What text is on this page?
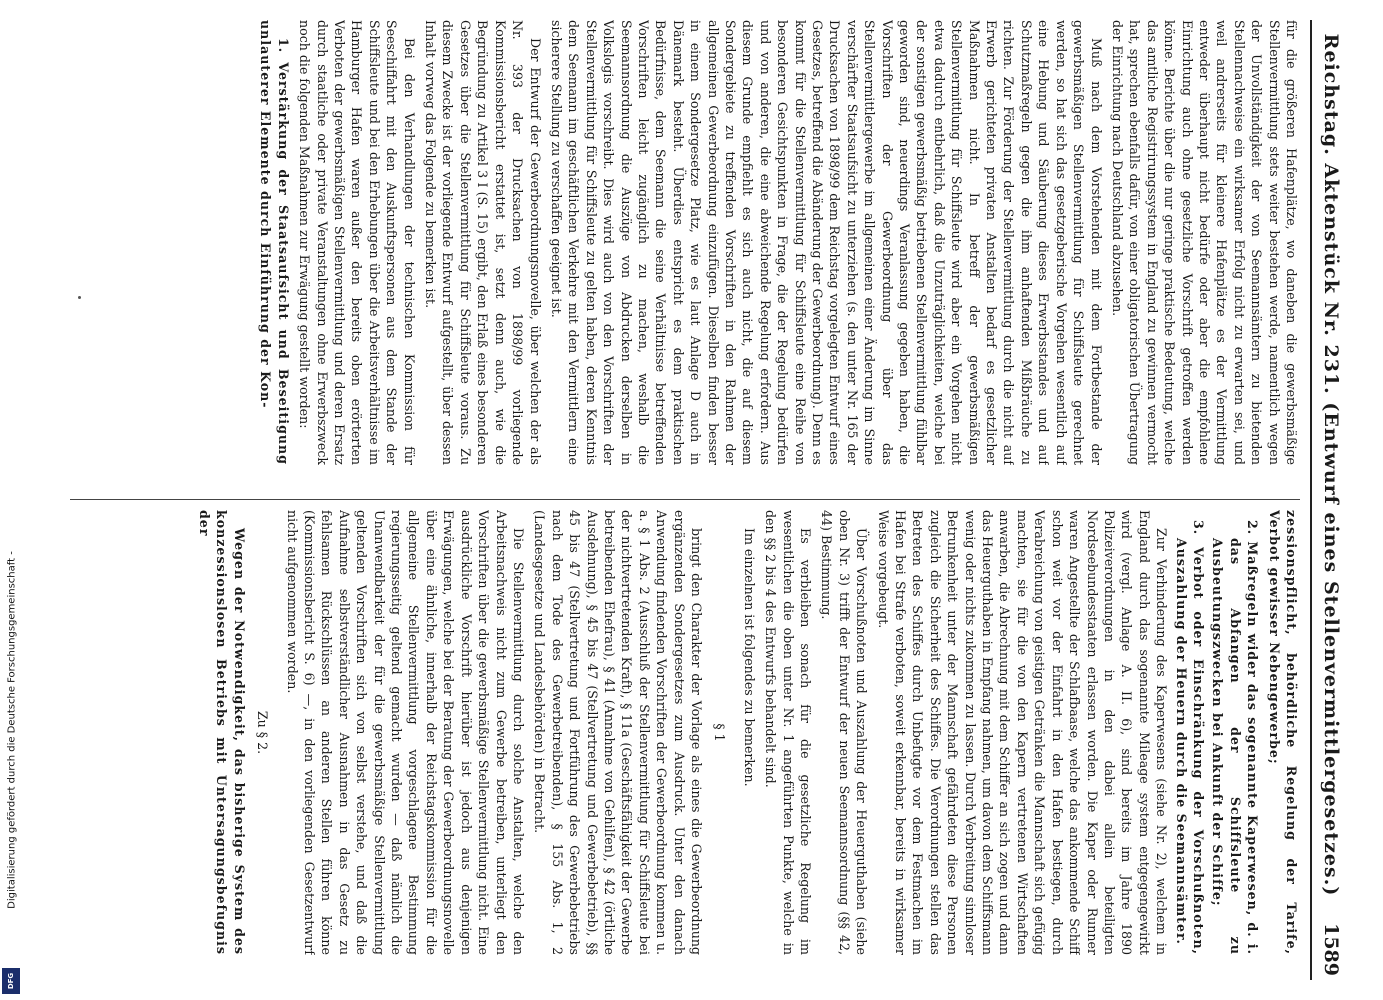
Reichstag. Aktenstück Nr. 231. (Entwurf eines Stellenvermittlergesetzes.)
1589

für die größeren Hafenplätze, wo daneben die gewerbsmäßige Stellenvermittlung stets weiter bestehen werde, namentlich wegen der Unvollständigkeit der von Seemannsämtern zu bietenden Stellennachweise ein wirksamer Erfolg nicht zu erwarten sei, und weil andrerseits für kleinere Hafenplätze es der Vermittlung entweder überhaupt nicht bedürfe oder aber die empfohlene Einrichtung auch ohne gesetzliche Vorschrift getroffen werden könne. Berichte über die nur geringe praktische Bedeutung, welche das amtliche Registrirungssystem in England zu gewinnen vermocht hat, sprechen ebenfalls dafür, von einer obligatorischen Übertragung der Einrichtung nach Deutschland abzusehen.

Muß nach dem Vorstehenden mit dem Fortbestande der gewerbsmäßigen Stellenvermittlung für Schiffsleute gerechnet werden, so hat sich das gesetzgeberische Vorgehen wesentlich auf eine Hebung und Säuberung dieses Erwerbsstandes und auf Schutzmaßregeln gegen die ihm anhaftenden Mißbräuche zu richten. Zur Förderung der Stellenvermittlung durch die nicht auf Erwerb gerichteten privaten Anstalten bedarf es gesetzlicher Maßnahmen nicht. In betreff der gewerbsmäßigen Stellenvermittlung für Schiffsleute wird aber ein Vorgehen nicht etwa dadurch entbehrlich, daß die Unzuträglichkeiten, welche bei der sonstigen gewerbsmäßig betriebenen Stellenvermittlung fühlbar geworden sind, neuerdings Veranlassung gegeben haben, die Vorschriften der Gewerbeordnung über das Stellenvermittlergewerbe im allgemeinen einer Änderung im Sinne verschärfter Staatsaufsicht zu unterziehen (s. den unter Nr. 165 der Drucksachen von 1898/99 dem Reichstag vorgelegten Entwurf eines Gesetzes, betreffend die Abänderung der Gewerbeordnung). Denn es kommt für die Stellenvermittlung für Schiffsleute eine Reihe von besonderen Gesichtspunkten in Frage, die der Regelung bedürfen und von anderen, die eine abweichende Regelung erfordern. Aus diesem Grunde empfiehlt es sich auch nicht, die auf diesem Sondergebiete zu treffenden Vorschriften in den Rahmen der allgemeinen Gewerbeordnung einzufügen. Dieselben finden besser in einem Sondergesetze Platz, wie es laut Anlage D auch in Dänemark besteht. Überdies entspricht es dem praktischen Bedürfnisse, dem Seemann die seine Verhältnisse betreffenden Vorschriften leicht zugänglich zu machen, weshalb die Seemannsordnung die Auszüge von Abdrucken derselben in Volkslogis vorschreibt. Dies wird auch von den Vorschriften der Stellenvermittlung für Schiffsleute zu gelten haben, deren Kenntnis dem Seemann im geschäftlichen Verkehre mit den Vermittlern eine sicherere Stellung zu verschaffen geeignet ist.

Der Entwurf der Gewerbeordnungsnovelle, über welchen der als Nr. 393 der Drucksachen von 1898/99 vorliegende Kommissionsbericht erstattet ist, setzt denn auch, wie die Begründung zu Artikel 3 I (S. 15) ergibt, den Erlaß eines besonderen Gesetzes über die Stellenvermittlung für Schiffsleute voraus. Zu diesem Zwecke ist der vorliegende Entwurf aufgestellt, über dessen Inhalt vorweg das Folgende zu bemerken ist.

Bei den Verhandlungen der technischen Kommission für Seeschiffahrt mit den Auskunftspersonen aus dem Stande der Schiffsleute und bei den Erhebungen über die Arbeitsverhältnisse im Hamburger Hafen waren außer den bereits oben erörterten Verboten der gewerbsmäßigen Stellenvermittlung und deren Ersatz durch staatliche oder private Veranstaltungen ohne Erwerbszweck noch die folgenden Maßnahmen zur Erwägung gestellt worden:

1. Verstärkung der Staatsaufsicht und Beseitigung unlauterer Elemente durch Einführung der Kon-

zessionspflicht, behördliche Regelung der Tarife, Verbot gewisser Nebengewerbe;

2. Maßregeln wider das sogenannte Kaperwesen, d. i. das Abfangen der Schiffsleute zu Ausbeutungszwecken bei Ankunft der Schiffe;

3. Verbot oder Einschränkung der Vorschußnoten, Auszahlung der Heuern durch die Seemannsämter.

Zur Verhinderung des Kaperwesens (siehe Nr. 2), welchem in England durch das sogenannte Mileage system entgegengewirkt wird (vergl. Anlage A. II. 6), sind bereits im Jahre 1890 Polizeiverordnungen in den dabei allein beteiligten Nordseebundesstaaten erlassen worden. Die Kaper oder Runner waren Angestellte der Schlafbaase, welche das ankommende Schiff schon weit vor der Einfahrt in den Hafen bestiegen, durch Verabreichung von geistigen Getränken die Mannschaft sich gefügig machten, sie für die von den Kapern vertretenen Wirtschaften anwarben, die Abrechnung mit dem Schiffer an sich zogen und dann das Heuerguthaben in Empfang nahmen, um davon dem Schiffsmann wenig oder nichts zukommen zu lassen. Durch Verbreitung sinnloser Betrunkenheit unter der Mannschaft gefährdeten diese Personen zugleich die Sicherheit des Schiffes. Die Verordnungen stellen das Betreten des Schiffes durch Unbefugte vor dem Festmachen im Hafen bei Strafe verboten, soweit erkennbar, bereits in wirksamer Weise vorgebeugt.

Über Vorschußnoten und Auszahlung der Heuerguthaben (siehe oben Nr. 3) trifft der Entwurf der neuen Seemannsordnung (§§ 42, 44) Bestimmung.

Es verbleiben sonach für die gesetzliche Regelung im wesentlichen die oben unter Nr. 1 angeführten Punkte, welche in den §§ 2 bis 4 des Entwurfs behandelt sind.

Im einzelnen ist folgendes zu bemerken.

§ 1

bringt den Charakter der Vorlage als eines die Gewerbeordnung ergänzenden Sondergesetzes zum Ausdruck. Unter den danach Anwendung findenden Vorschriften der Gewerbeordnung kommen u. a. § 1 Abs. 2 (Ausschluß der Stellenvermittlung für Schiffsleute bei der nichtvertretenden Kraft), § 11a (Geschäftsfähigkeit der Gewerbe betreibenden Ehefrau), § 41 (Annahme von Gehilfen), § 42 (örtliche Ausdehnung), § 45 bis 47 (Stellvertretung und Gewerbebetrieb), §§ 45 bis 47 (Stellvertretung und Fortführung des Gewerbebetriebs nach dem Tode des Gewerbetreibenden), § 155 Abs. 1, 2 (Landesgesetze und Landesbehörden) in Betracht.

Die Stellenvermittlung durch solche Anstalten, welche den Arbeitsnachweis nicht zum Gewerbe betreiben, unterliegt den Vorschriften über die gewerbsmäßige Stellenvermittlung nicht. Eine ausdrückliche Vorschrift hierüber ist jedoch aus denjenigen Erwägungen, welche bei der Beratung der Gewerbeordnungsnovelle über eine ähnliche, innerhalb der Reichstagskommission für die allgemeine Stellenvermittlung vorgeschlagene Bestimmung regierungsseitig geltend gemacht wurden — daß nämlich die Unanwendbarkeit der für die gewerbsmäßige Stellenvermittlung geltenden Vorschriften sich von selbst verstehe, und daß die Aufnahme selbstverständlicher Ausnahmen in das Gesetz zu fehlsamen Rückschlüssen an anderen Stellen führen könne (Kommissionsbericht S. 6) —, in den vorliegenden Gesetzentwurf nicht aufgenommen worden.

Zu § 2.

Wegen der Notwendigkeit, das bisherige System des konzessionslosen Betriebs mit Untersagungsbefugnis der

Digitalisierung gefördert durch die Deutsche Forschungsgemeinschaft -
DFG
